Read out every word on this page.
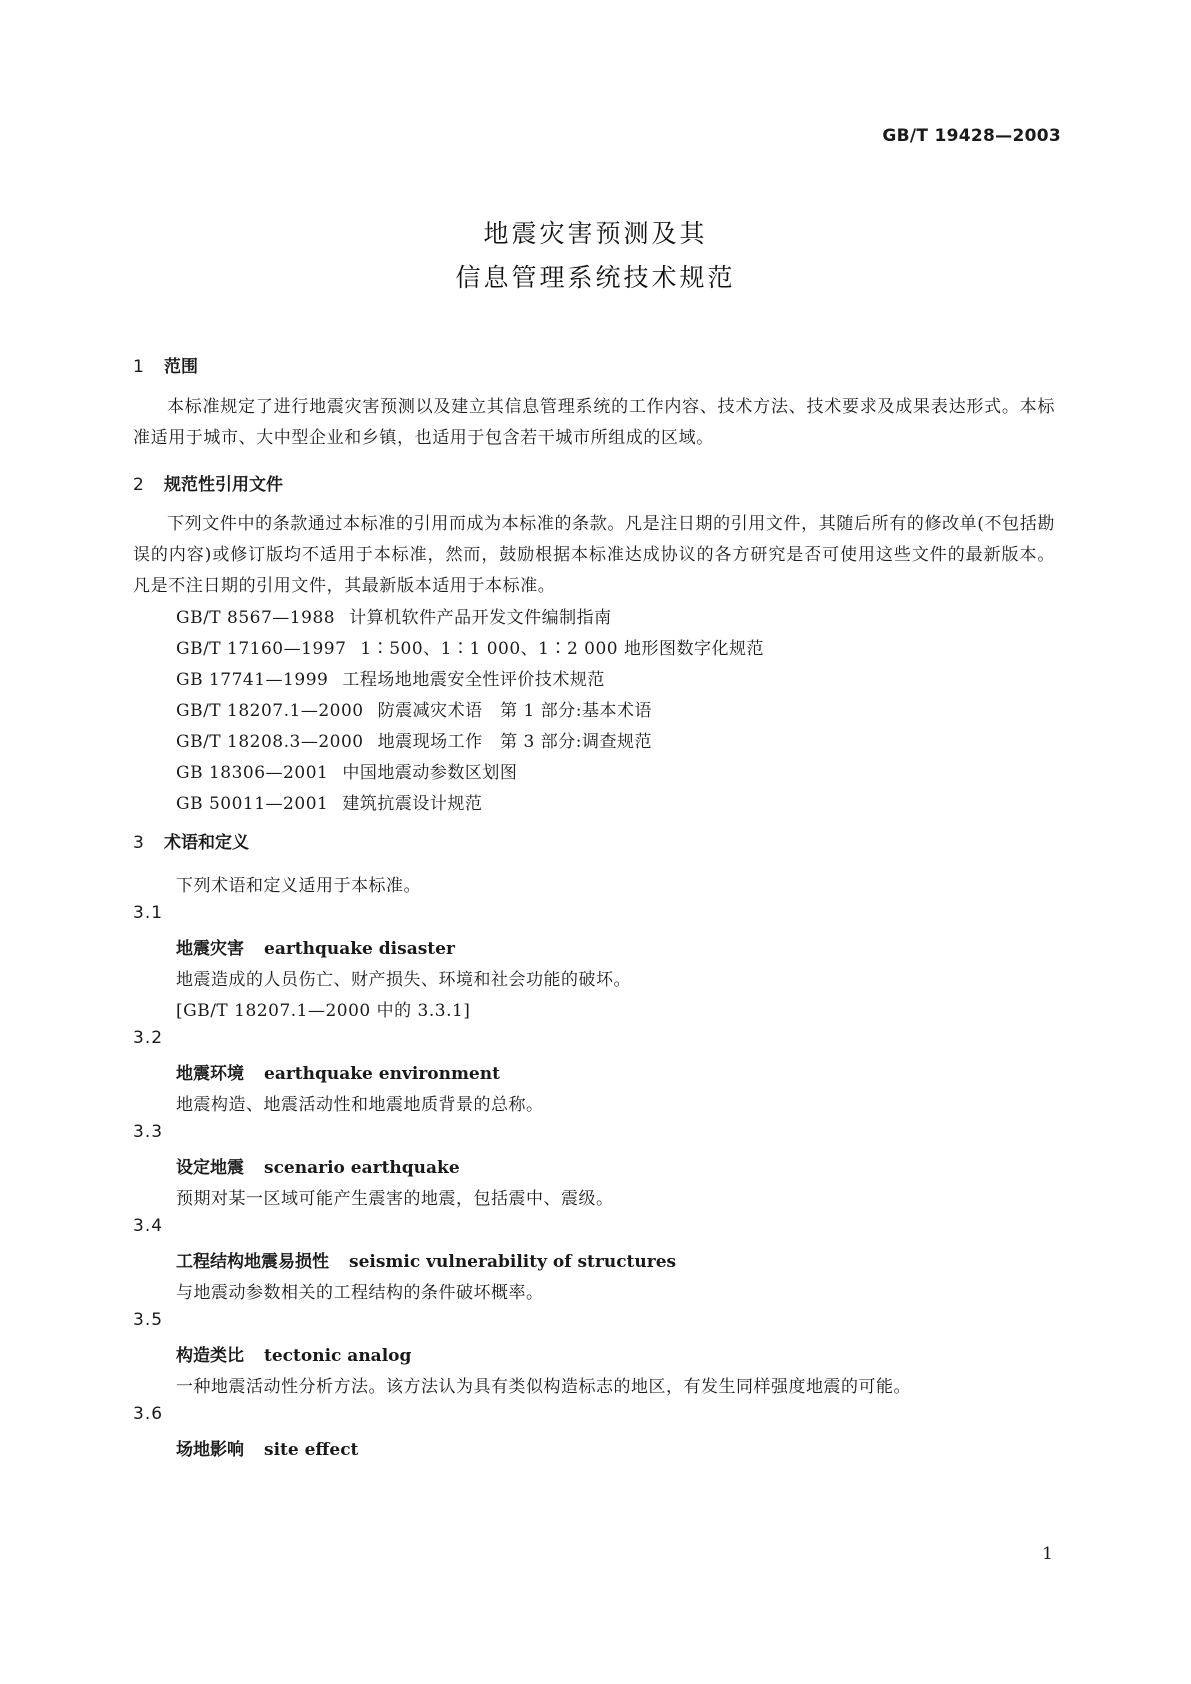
GB/T 19428—2003
地震灾害预测及其
信息管理系统技术规范
1 范围
本标准规定了进行地震灾害预测以及建立其信息管理系统的工作内容、技术方法、技术要求及成果表达形式。本标准适用于城市、大中型企业和乡镇，也适用于包含若干城市所组成的区域。
2 规范性引用文件
下列文件中的条款通过本标准的引用而成为本标准的条款。凡是注日期的引用文件，其随后所有的修改单(不包括勘误的内容)或修订版均不适用于本标准，然而，鼓励根据本标准达成协议的各方研究是否可使用这些文件的最新版本。凡是不注日期的引用文件，其最新版本适用于本标准。
GB/T 8567—1988 计算机软件产品开发文件编制指南
GB/T 17160—1997 1∶500、1∶1 000、1∶2 000 地形图数字化规范
GB 17741—1999 工程场地地震安全性评价技术规范
GB/T 18207.1—2000 防震减灾术语　第 1 部分:基本术语
GB/T 18208.3—2000 地震现场工作　第 3 部分:调查规范
GB 18306—2001 中国地震动参数区划图
GB 50011—2001 建筑抗震设计规范
3 术语和定义
下列术语和定义适用于本标准。
3.1
地震灾害 earthquake disaster
地震造成的人员伤亡、财产损失、环境和社会功能的破坏。
[GB/T 18207.1—2000 中的 3.3.1]
3.2
地震环境 earthquake environment
地震构造、地震活动性和地震地质背景的总称。
3.3
设定地震 scenario earthquake
预期对某一区域可能产生震害的地震，包括震中、震级。
3.4
工程结构地震易损性 seismic vulnerability of structures
与地震动参数相关的工程结构的条件破坏概率。
3.5
构造类比 tectonic analog
一种地震活动性分析方法。该方法认为具有类似构造标志的地区，有发生同样强度地震的可能。
3.6
场地影响 site effect
1
